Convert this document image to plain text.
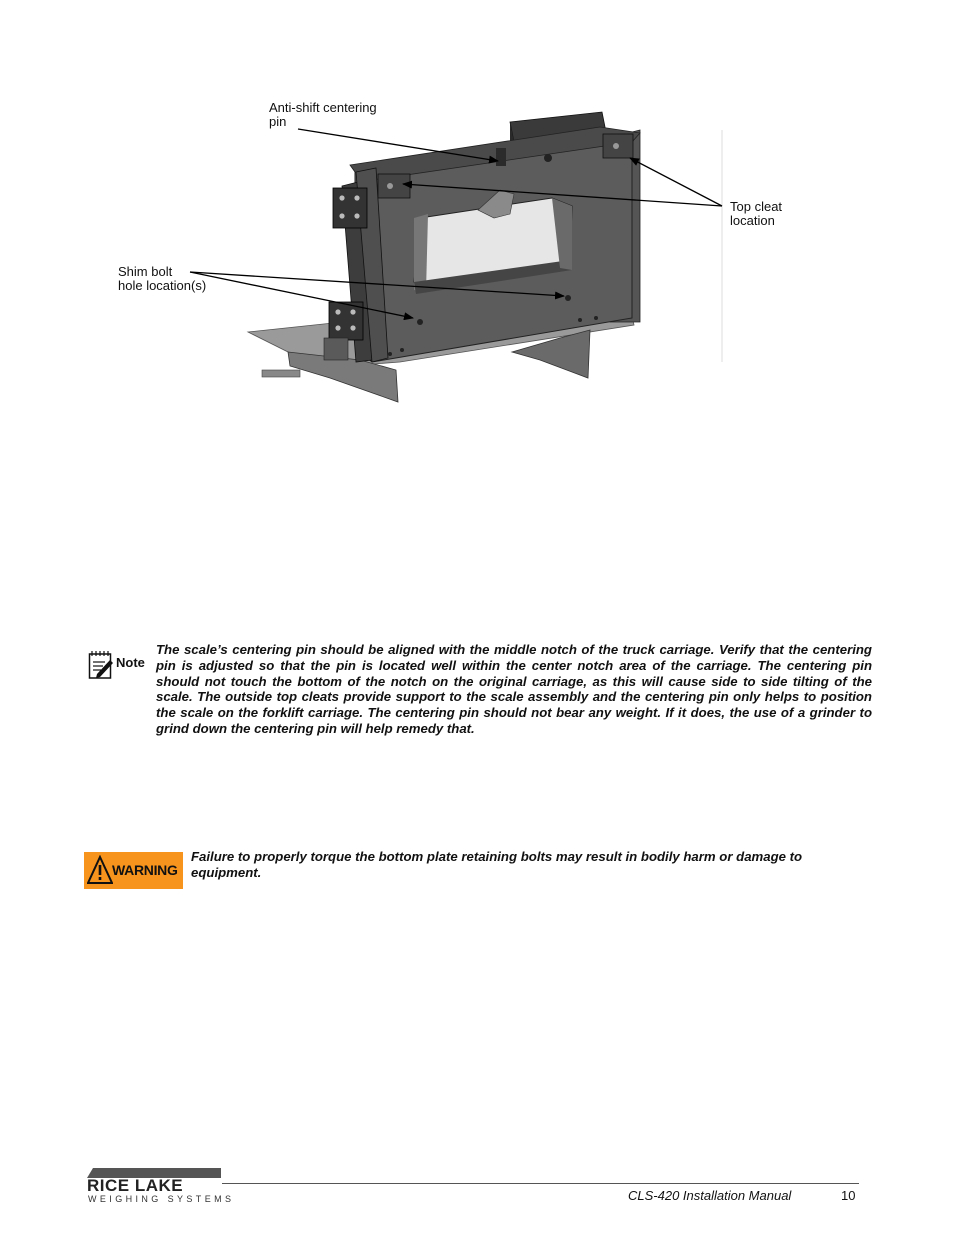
Anti-shift centering
pin
Top cleat
location
Shim bolt
hole location(s)
Note
The scale’s centering pin should be aligned with the middle notch of the truck carriage. Verify that the centering pin is adjusted so that the pin is located well within the center notch area of the carriage. The centering pin should not touch the bottom of the notch on the original carriage, as this will cause side to side tilting of the scale. The outside top cleats provide support to the scale assembly and the centering pin only helps to position the scale on the forklift carriage. The centering pin should not bear any weight. If it does, the use of a grinder to grind down the centering pin will help remedy that.
WARNING
Failure to properly torque the bottom plate retaining bolts may result in bodily harm or damage to equipment.
RICE LAKE
WEIGHING SYSTEMS	CLS-420 Installation Manual	10
